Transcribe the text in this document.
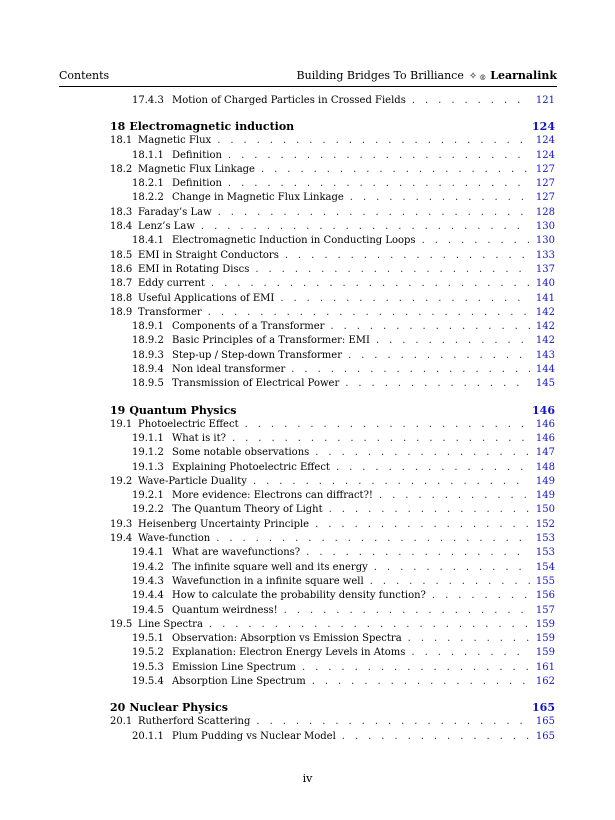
Contents	Building Bridges To Brilliance ✧ ® Learnalink
17.4.3 Motion of Charged Particles in Crossed Fields . . .	121
18 Electromagnetic induction	124
18.1 Magnetic Flux . . .	124
18.1.1 Definition . . .	124
18.2 Magnetic Flux Linkage . . .	127
18.2.1 Definition . . .	127
18.2.2 Change in Magnetic Flux Linkage . . .	127
18.3 Faraday’s Law . . .	128
18.4 Lenz’s Law . . .	130
18.4.1 Electromagnetic Induction in Conducting Loops . . .	130
18.5 EMI in Straight Conductors . . .	133
18.6 EMI in Rotating Discs . . .	137
18.7 Eddy current . . .	140
18.8 Useful Applications of EMI . . .	141
18.9 Transformer . . .	142
18.9.1 Components of a Transformer . . .	142
18.9.2 Basic Principles of a Transformer: EMI . . .	142
18.9.3 Step-up / Step-down Transformer . . .	143
18.9.4 Non ideal transformer . . .	144
18.9.5 Transmission of Electrical Power . . .	145
19 Quantum Physics	146
19.1 Photoelectric Effect . . .	146
19.1.1 What is it? . . .	146
19.1.2 Some notable observations . . .	147
19.1.3 Explaining Photoelectric Effect . . .	148
19.2 Wave-Particle Duality . . .	149
19.2.1 More evidence: Electrons can diffract?! . . .	149
19.2.2 The Quantum Theory of Light . . .	150
19.3 Heisenberg Uncertainty Principle . . .	152
19.4 Wave-function . . .	153
19.4.1 What are wavefunctions? . . .	153
19.4.2 The infinite square well and its energy . . .	154
19.4.3 Wavefunction in a infinite square well . . .	155
19.4.4 How to calculate the probability density function? . . .	156
19.4.5 Quantum weirdness! . . .	157
19.5 Line Spectra . . .	159
19.5.1 Observation: Absorption vs Emission Spectra . . .	159
19.5.2 Explanation: Electron Energy Levels in Atoms . . .	159
19.5.3 Emission Line Spectrum . . .	161
19.5.4 Absorption Line Spectrum . . .	162
20 Nuclear Physics	165
20.1 Rutherford Scattering . . .	165
20.1.1 Plum Pudding vs Nuclear Model . . .	165
iv
